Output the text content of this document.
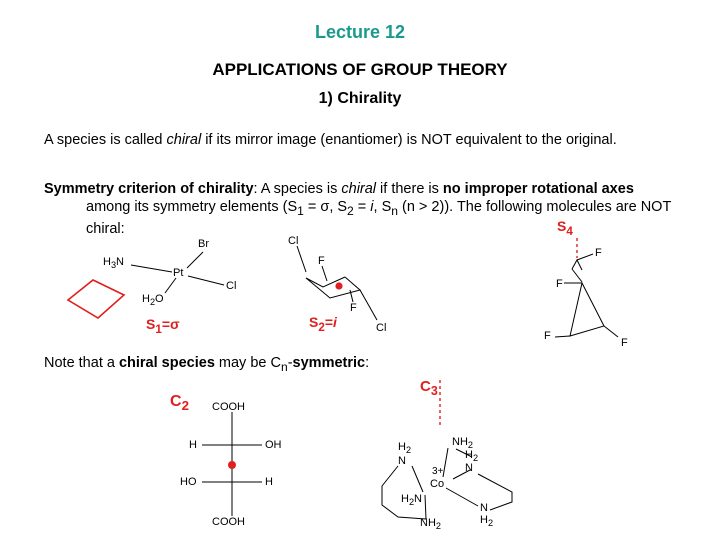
Lecture 12
APPLICATIONS OF GROUP THEORY
1) Chirality
A species is called chiral if its mirror image (enantiomer) is NOT equivalent to the original.
Symmetry criterion of chirality: A species is chiral if there is no improper rotational axes
among its symmetry elements ($S_1 = \sigma$, $S_2 = i$, $S_n$ (n > 2)). The following molecules are NOT chiral:
Note that a chiral species may be $C_n$-symmetric:
Br
$H_3N$
Pt
Cl
$H_2O$
$S_1=\sigma$
Cl
F
F
Cl
$S_2=i$
$S_4$
F
F
F
F
$C_2$ COOH
H	OH
HO	H
COOH
$C_3$
$NH_2$
$H_2$
N	$H_2$
N
3+
Co
$H_2N$
N
$H_2$
$NH_2$
